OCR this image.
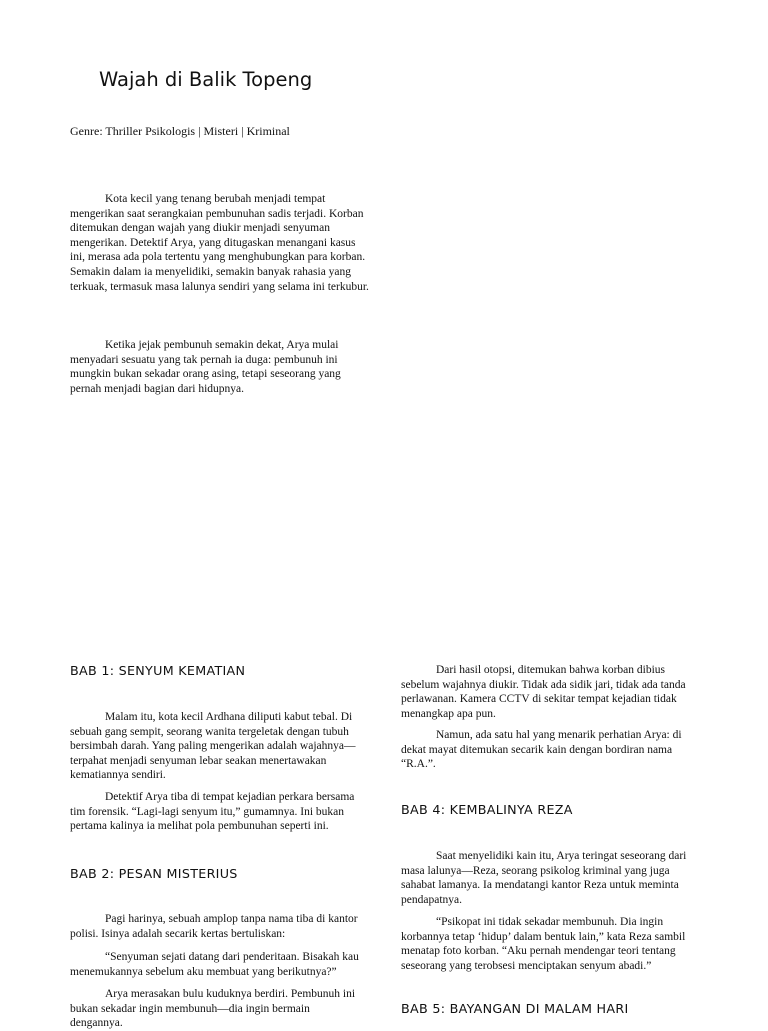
Wajah di Balik Topeng

Genre: Thriller Psikologis | Misteri | Kriminal

Kota kecil yang tenang berubah menjadi tempat mengerikan saat serangkaian pembunuhan sadis terjadi. Korban ditemukan dengan wajah yang diukir menjadi senyuman mengerikan. Detektif Arya, yang ditugaskan menangani kasus ini, merasa ada pola tertentu yang menghubungkan para korban. Semakin dalam ia menyelidiki, semakin banyak rahasia yang terkuak, termasuk masa lalunya sendiri yang selama ini terkubur.

Ketika jejak pembunuh semakin dekat, Arya mulai menyadari sesuatu yang tak pernah ia duga: pembunuh ini mungkin bukan sekadar orang asing, tetapi seseorang yang pernah menjadi bagian dari hidupnya.

BAB 1: SENYUM KEMATIAN

Malam itu, kota kecil Ardhana diliputi kabut tebal. Di sebuah gang sempit, seorang wanita tergeletak dengan tubuh bersimbah darah. Yang paling mengerikan adalah wajahnya—terpahat menjadi senyuman lebar seakan menertawakan kematiannya sendiri.

Detektif Arya tiba di tempat kejadian perkara bersama tim forensik. “Lagi-lagi senyum itu,” gumamnya. Ini bukan pertama kalinya ia melihat pola pembunuhan seperti ini.

BAB 2: PESAN MISTERIUS

Pagi harinya, sebuah amplop tanpa nama tiba di kantor polisi. Isinya adalah secarik kertas bertuliskan:

“Senyuman sejati datang dari penderitaan. Bisakah kau menemukannya sebelum aku membuat yang berikutnya?”

Arya merasakan bulu kuduknya berdiri. Pembunuh ini bukan sekadar ingin membunuh—dia ingin bermain dengannya.

Dari hasil otopsi, ditemukan bahwa korban dibius sebelum wajahnya diukir. Tidak ada sidik jari, tidak ada tanda perlawanan. Kamera CCTV di sekitar tempat kejadian tidak menangkap apa pun.

Namun, ada satu hal yang menarik perhatian Arya: di dekat mayat ditemukan secarik kain dengan bordiran nama “R.A.”.

BAB 4: KEMBALINYA REZA

Saat menyelidiki kain itu, Arya teringat seseorang dari masa lalunya—Reza, seorang psikolog kriminal yang juga sahabat lamanya. Ia mendatangi kantor Reza untuk meminta pendapatnya.

“Psikopat ini tidak sekadar membunuh. Dia ingin korbannya tetap ‘hidup’ dalam bentuk lain,” kata Reza sambil menatap foto korban. “Aku pernah mendengar teori tentang seseorang yang terobsesi menciptakan senyum abadi.”

BAB 5: BAYANGAN DI MALAM HARI
